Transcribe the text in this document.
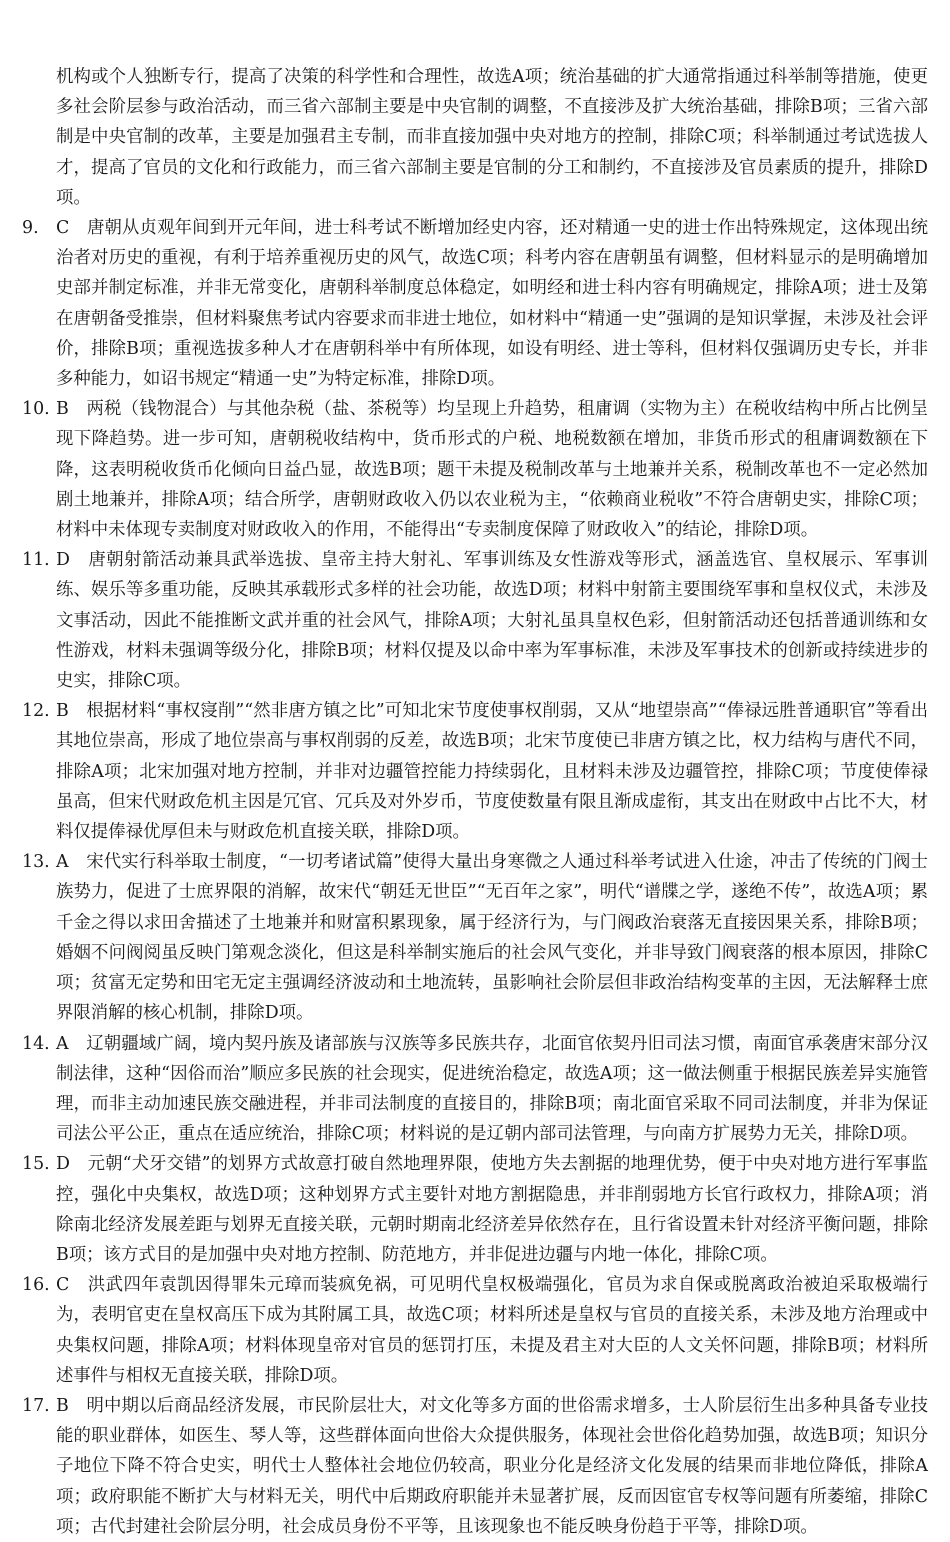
机构或个人独断专行，提高了决策的科学性和合理性，故选A项；统治基础的扩大通常指通过科举制等措施，使更多社会阶层参与政治活动，而三省六部制主要是中央官制的调整，不直接涉及扩大统治基础，排除B项；三省六部制是中央官制的改革，主要是加强君主专制，而非直接加强中央对地方的控制，排除C项；科举制通过考试选拔人才，提高了官员的文化和行政能力，而三省六部制主要是官制的分工和制约，不直接涉及官员素质的提升，排除D项。

9.	C　 唐朝从贞观年间到开元年间，进士科考试不断增加经史内容，还对精通一史的进士作出特殊规定，这体现出统治者对历史的重视，有利于培养重视历史的风气，故选C项；科考内容在唐朝虽有调整，但材料显示的是明确增加史部并制定标准，并非无常变化，唐朝科举制度总体稳定，如明经和进士科内容有明确规定，排除A项；进士及第在唐朝备受推崇，但材料聚焦考试内容要求而非进士地位，如材料中“精通一史”强调的是知识掌握，未涉及社会评价，排除B项；重视选拔多种人才在唐朝科举中有所体现，如设有明经、进士等科，但材料仅强调历史专长，并非多种能力，如诏书规定“精通一史”为特定标准，排除D项。
10. B　 两税（钱物混合）与其他杂税（盐、茶税等）均呈现上升趋势，租庸调（实物为主）在税收结构中所占比例呈现下降趋势。进一步可知，唐朝税收结构中，货币形式的户税、地税数额在增加，非货币形式的租庸调数额在下降，这表明税收货币化倾向日益凸显，故选B项；题干未提及税制改革与土地兼并关系，税制改革也不一定必然加剧土地兼并，排除A项；结合所学，唐朝财政收入仍以农业税为主，“依赖商业税收”不符合唐朝史实，排除C项；材料中未体现专卖制度对财政收入的作用，不能得出“专卖制度保障了财政收入”的结论，排除D项。
11. D　 唐朝射箭活动兼具武举选拔、皇帝主持大射礼、军事训练及女性游戏等形式，涵盖选官、皇权展示、军事训练、娱乐等多重功能，反映其承载形式多样的社会功能，故选D项；材料中射箭主要围绕军事和皇权仪式，未涉及文事活动，因此不能推断文武并重的社会风气，排除A项；大射礼虽具皇权色彩，但射箭活动还包括普通训练和女性游戏，材料未强调等级分化，排除B项；材料仅提及以命中率为军事标准，未涉及军事技术的创新或持续进步的史实，排除C项。
12. B　 根据材料“事权寖削”“然非唐方镇之比”可知北宋节度使事权削弱，又从“地望崇高”“俸禄远胜普通职官”等看出其地位崇高，形成了地位崇高与事权削弱的反差，故选B项；北宋节度使已非唐方镇之比，权力结构与唐代不同，排除A项；北宋加强对地方控制，并非对边疆管控能力持续弱化，且材料未涉及边疆管控，排除C项；节度使俸禄虽高，但宋代财政危机主因是冗官、冗兵及对外岁币，节度使数量有限且渐成虚衔，其支出在财政中占比不大，材料仅提俸禄优厚但未与财政危机直接关联，排除D项。
13. A　 宋代实行科举取士制度，“一切考诸试篇”使得大量出身寒微之人通过科举考试进入仕途，冲击了传统的门阀士族势力，促进了士庶界限的消解，故宋代“朝廷无世臣”“无百年之家”，明代“谱牒之学，遂绝不传”，故选A项；累千金之得以求田舍描述了土地兼并和财富积累现象，属于经济行为，与门阀政治衰落无直接因果关系，排除B项；婚姻不问阀阅虽反映门第观念淡化，但这是科举制实施后的社会风气变化，并非导致门阀衰落的根本原因，排除C项；贫富无定势和田宅无定主强调经济波动和土地流转，虽影响社会阶层但非政治结构变革的主因，无法解释士庶界限消解的核心机制，排除D项。
14. A　 辽朝疆域广阔，境内契丹族及诸部族与汉族等多民族共存，北面官依契丹旧司法习惯，南面官承袭唐宋部分汉制法律，这种“因俗而治”顺应多民族的社会现实，促进统治稳定，故选A项；这一做法侧重于根据民族差异实施管理，而非主动加速民族交融进程，并非司法制度的直接目的，排除B项；南北面官采取不同司法制度，并非为保证司法公平公正，重点在适应统治，排除C项；材料说的是辽朝内部司法管理，与向南方扩展势力无关，排除D项。
15. D　 元朝“犬牙交错”的划界方式故意打破自然地理界限，使地方失去割据的地理优势，便于中央对地方进行军事监控，强化中央集权，故选D项；这种划界方式主要针对地方割据隐患，并非削弱地方长官行政权力，排除A项；消除南北经济发展差距与划界无直接关联，元朝时期南北经济差异依然存在，且行省设置未针对经济平衡问题，排除B项；该方式目的是加强中央对地方控制、防范地方，并非促进边疆与内地一体化，排除C项。
16. C　 洪武四年袁凯因得罪朱元璋而装疯免祸，可见明代皇权极端强化，官员为求自保或脱离政治被迫采取极端行为，表明官吏在皇权高压下成为其附属工具，故选C项；材料所述是皇权与官员的直接关系，未涉及地方治理或中央集权问题，排除A项；材料体现皇帝对官员的惩罚打压，未提及君主对大臣的人文关怀问题，排除B项；材料所述事件与相权无直接关联，排除D项。
17. B　 明中期以后商品经济发展，市民阶层壮大，对文化等多方面的世俗需求增多，士人阶层衍生出多种具备专业技能的职业群体，如医生、琴人等，这些群体面向世俗大众提供服务，体现社会世俗化趋势加强，故选B项；知识分子地位下降不符合史实，明代士人整体社会地位仍较高，职业分化是经济文化发展的结果而非地位降低，排除A项；政府职能不断扩大与材料无关，明代中后期政府职能并未显著扩展，反而因宦官专权等问题有所萎缩，排除C项；古代封建社会阶层分明，社会成员身份不平等，且该现象也不能反映身份趋于平等，排除D项。
